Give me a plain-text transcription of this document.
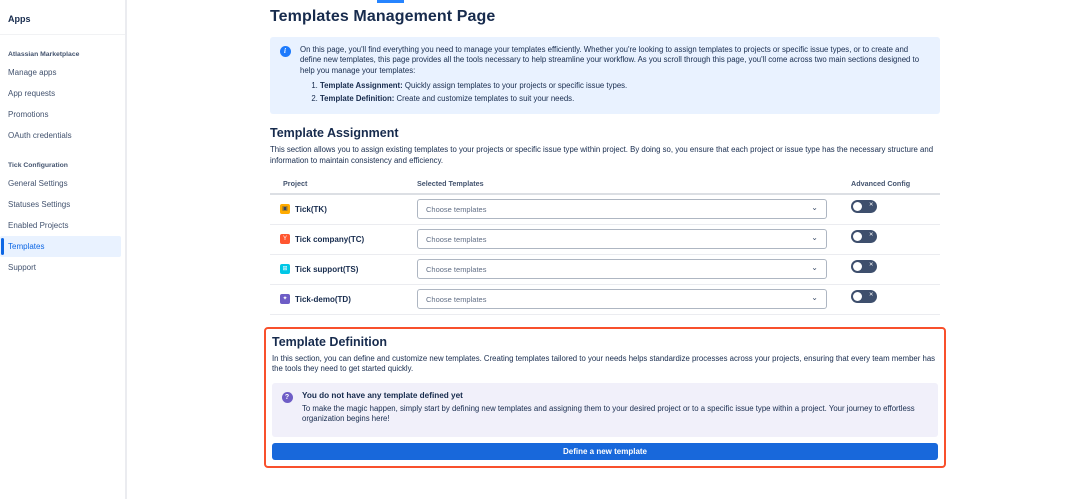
Apps
Atlassian Marketplace
Manage apps
App requests
Promotions
OAuth credentials
Tick Configuration
General Settings
Statuses Settings
Enabled Projects
Templates
Support
Templates Management Page
i	On this page, you'll find everything you need to manage your templates efficiently. Whether you're looking to assign templates to projects or specific issue types, or to create and define new templates, this page provides all the tools necessary to help streamline your workflow. As you scroll through this page, you'll come across two main sections designed to help you manage your templates:
1. Template Assignment: Quickly assign templates to your projects or specific issue types.
2. Template Definition: Create and customize templates to suit your needs.
Template Assignment

This section allows you to assign existing templates to your projects or specific issue type within project. By doing so, you ensure that each project or issue type has the necessary structure and information to maintain consistency and efficiency.

Project	Selected Templates	Advanced Config
▣ Tick(TK)	Choose templates	⌄	✕
Y Tick company(TC)	Choose templates	⌄	✕
⊞ Tick support(TS)	Choose templates	⌄	✕
✦ Tick-demo(TD)	Choose templates	⌄	✕
Template Definition

In this section, you can define and customize new templates. Creating templates tailored to your needs helps standardize processes across your projects, ensuring that every team member has the tools they need to get started quickly.

?	You do not have any template defined yet
To make the magic happen, simply start by defining new templates and assigning them to your desired project or to a specific issue type within a project. Your journey to effortless organization begins here!
Define a new template
